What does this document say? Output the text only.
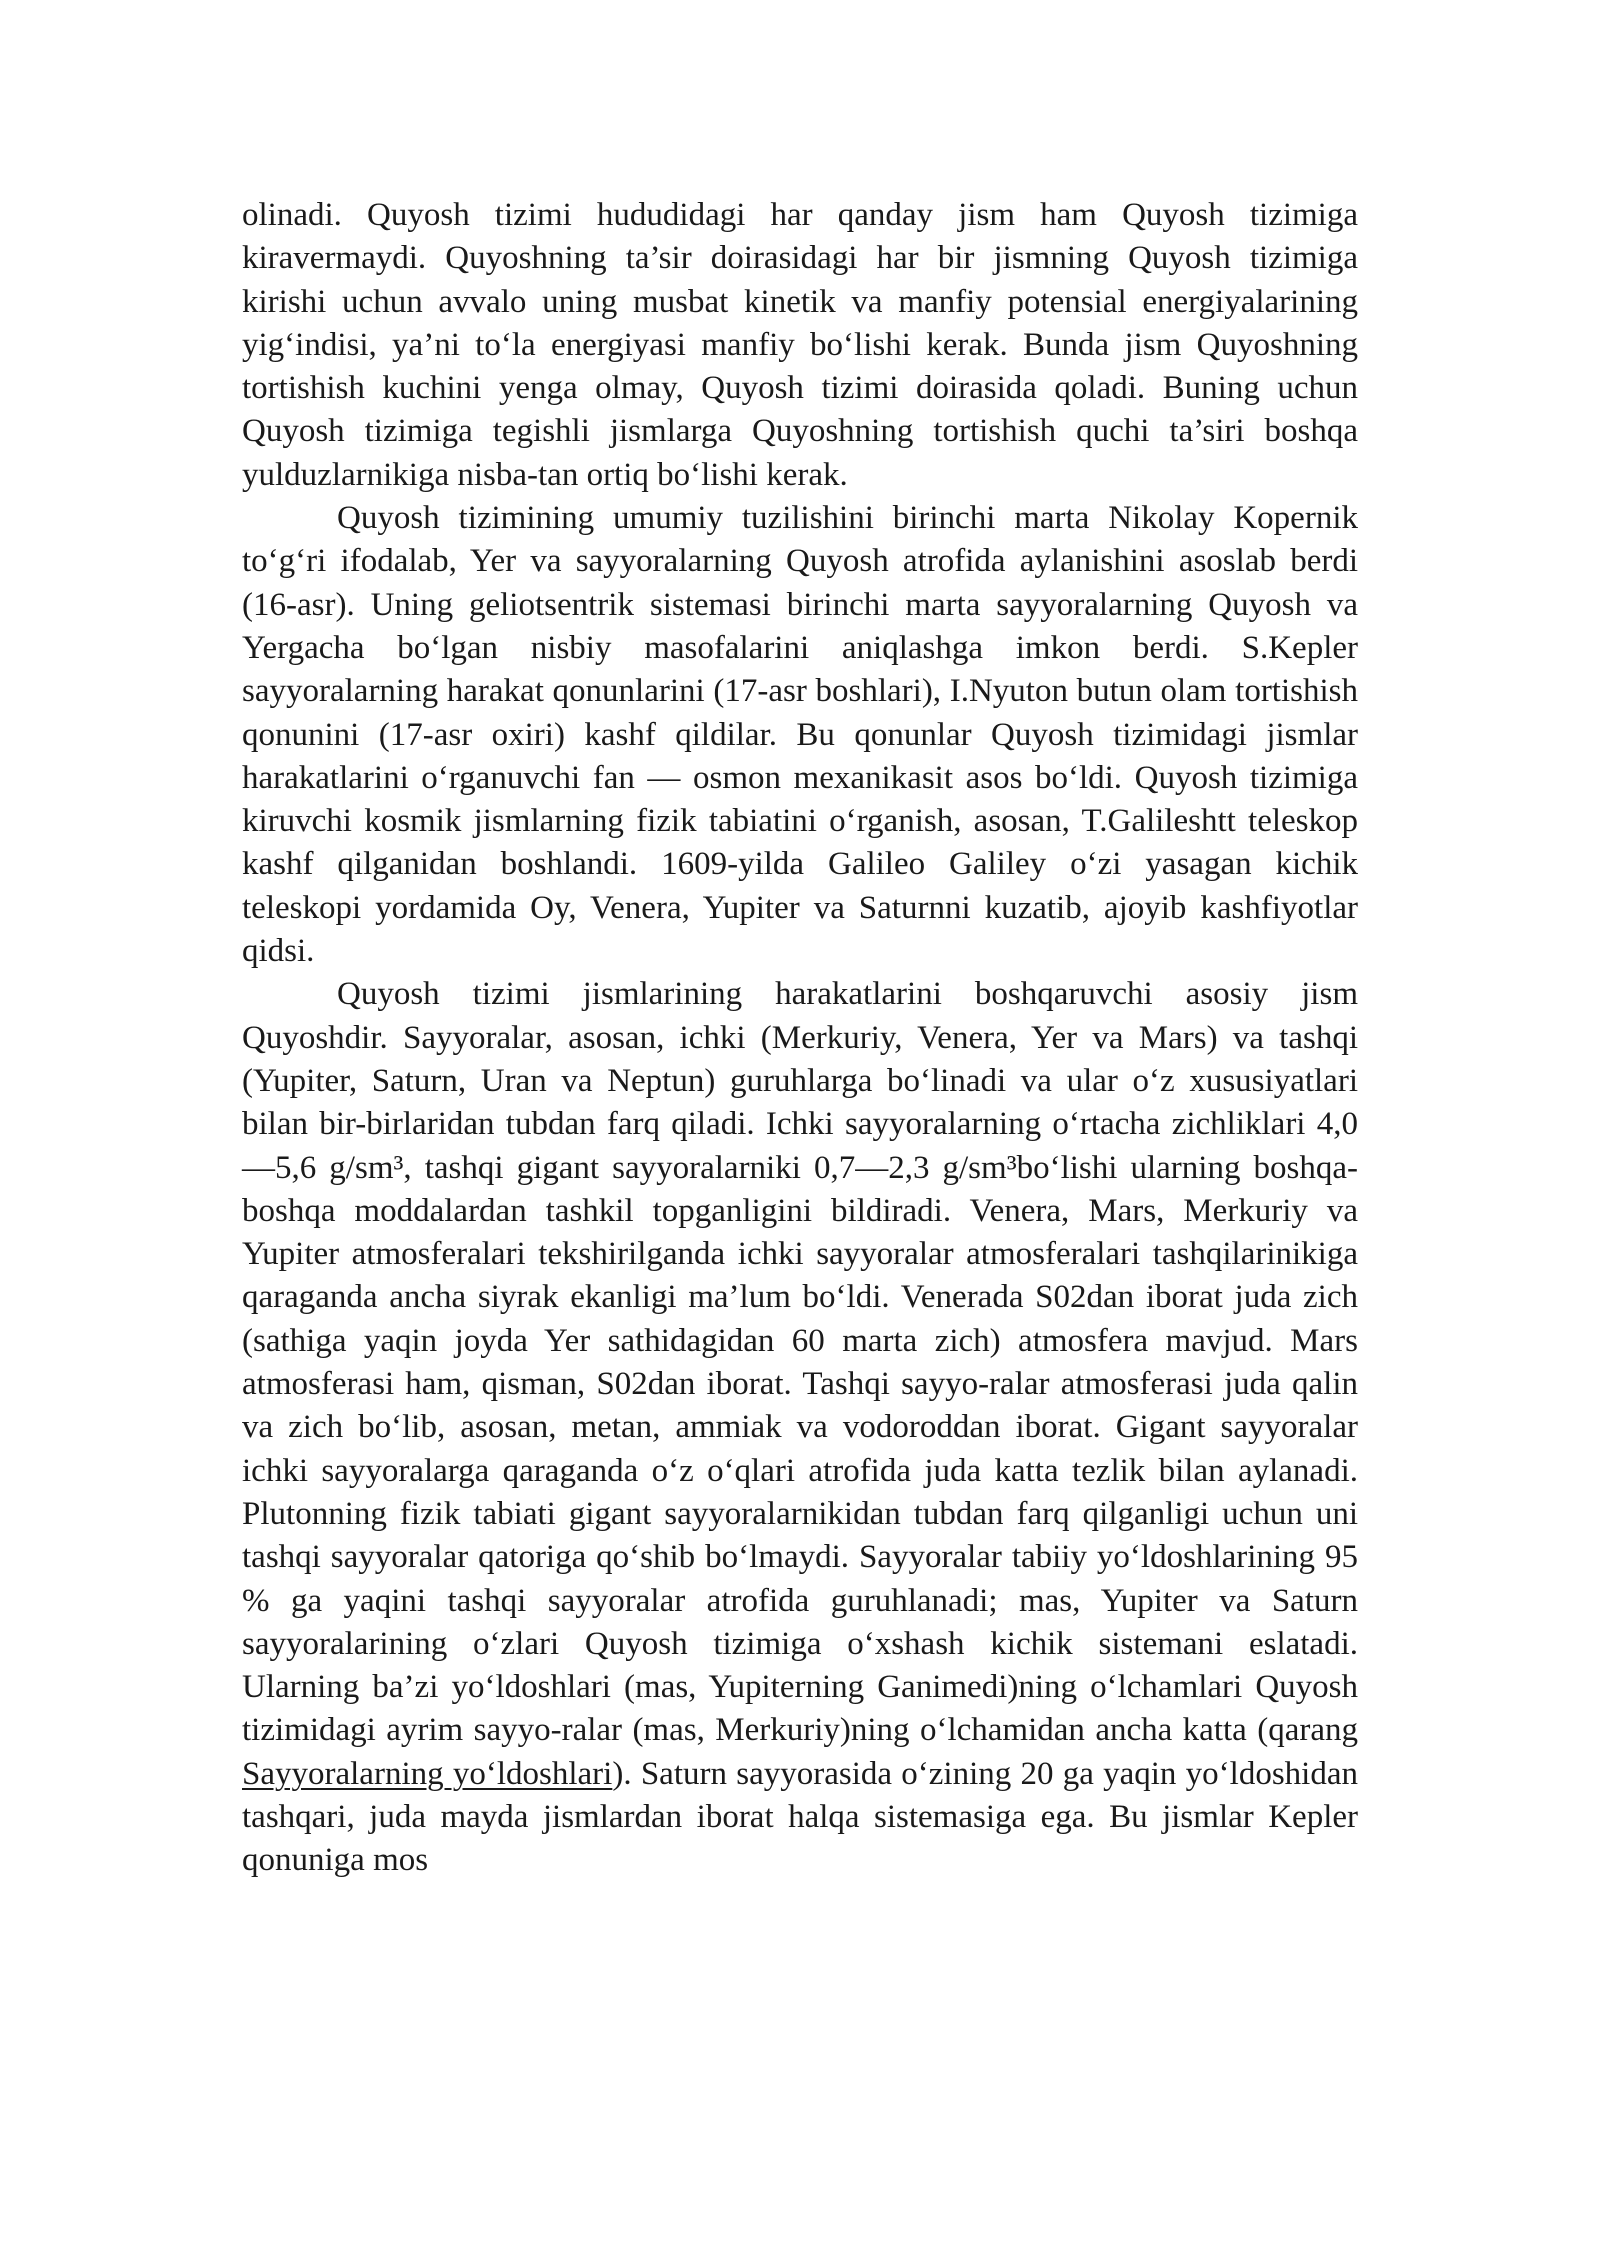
olinadi. Quyosh tizimi hududidagi har qanday jism ham Quyosh tizimiga kiravermaydi. Quyoshning ta’sir doirasidagi har bir jismning Quyosh tizimiga kirishi uchun avvalo uning musbat kinetik va manfiy potensial energiyalarining yig‘indisi, ya’ni to‘la energiyasi manfiy bo‘lishi kerak. Bunda jism Quyoshning tortishish kuchini yenga olmay, Quyosh tizimi doirasida qoladi. Buning uchun Quyosh tizimiga tegishli jismlarga Quyoshning tortishish quchi ta’siri boshqa yulduzlarnikiga nisba-tan ortiq bo‘lishi kerak.

Quyosh tizimining umumiy tuzilishini birinchi marta Nikolay Kopernik to‘g‘ri ifodalab, Yer va sayyoralarning Quyosh atrofida aylanishini asoslab berdi (16-asr). Uning geliotsentrik sistemasi birinchi marta sayyoralarning Quyosh va Yergacha bo‘lgan nisbiy masofalarini aniqlashga imkon berdi. S.Kepler sayyoralarning harakat qonunlarini (17-asr boshlari), I.Nyuton butun olam tortishish qonunini (17-asr oxiri) kashf qildilar. Bu qonunlar Quyosh tizimidagi jismlar harakatlarini o‘rganuvchi fan — osmon mexanikasit asos bo‘ldi. Quyosh tizimiga kiruvchi kosmik jismlarning fizik tabiatini o‘rganish, asosan, T.Galileshtt teleskop kashf qilganidan boshlandi. 1609-yilda Galileo Galiley o‘zi yasagan kichik teleskopi yordamida Oy, Venera, Yupiter va Saturnni kuzatib, ajoyib kashfiyotlar qidsi.

Quyosh tizimi jismlarining harakatlarini boshqaruvchi asosiy jism Quyoshdir. Sayyoralar, asosan, ichki (Merkuriy, Venera, Yer va Mars) va tashqi (Yupiter, Saturn, Uran va Neptun) guruhlarga bo‘linadi va ular o‘z xususiyatlari bilan bir-birlaridan tubdan farq qiladi. Ichki sayyoralarning o‘rtacha zichliklari 4,0—5,6 g/sm³, tashqi gigant sayyoralarniki 0,7—2,3 g/sm³bo‘lishi ularning boshqa-boshqa moddalardan tashkil topganligini bildiradi. Venera, Mars, Merkuriy va Yupiter atmosferalari tekshirilganda ichki sayyoralar atmosferalari tashqilarinikiga qaraganda ancha siyrak ekanligi ma’lum bo‘ldi. Venerada S02dan iborat juda zich (sathiga yaqin joyda Yer sathidagidan 60 marta zich) atmosfera mavjud. Mars atmosferasi ham, qisman, S02dan iborat. Tashqi sayyo-ralar atmosferasi juda qalin va zich bo‘lib, asosan, metan, ammiak va vodoroddan iborat. Gigant sayyoralar ichki sayyoralarga qaraganda o‘z o‘qlari atrofida juda katta tezlik bilan aylanadi. Plutonning fizik tabiati gigant sayyoralarnikidan tubdan farq qilganligi uchun uni tashqi sayyoralar qatoriga qo‘shib bo‘lmaydi. Sayyoralar tabiiy yo‘ldoshlarining 95 % ga yaqini tashqi sayyoralar atrofida guruhlanadi; mas, Yupiter va Saturn sayyoralarining o‘zlari Quyosh tizimiga o‘xshash kichik sistemani eslatadi. Ularning ba’zi yo‘ldoshlari (mas, Yupiterning Ganimedi)ning o‘lchamlari Quyosh tizimidagi ayrim sayyo-ralar (mas, Merkuriy)ning o‘lchamidan ancha katta (qarang Sayyoralarning yo‘ldoshlari). Saturn sayyorasida o‘zining 20 ga yaqin yo‘ldoshidan tashqari, juda mayda jismlardan iborat halqa sistemasiga ega. Bu jismlar Kepler qonuniga mos
